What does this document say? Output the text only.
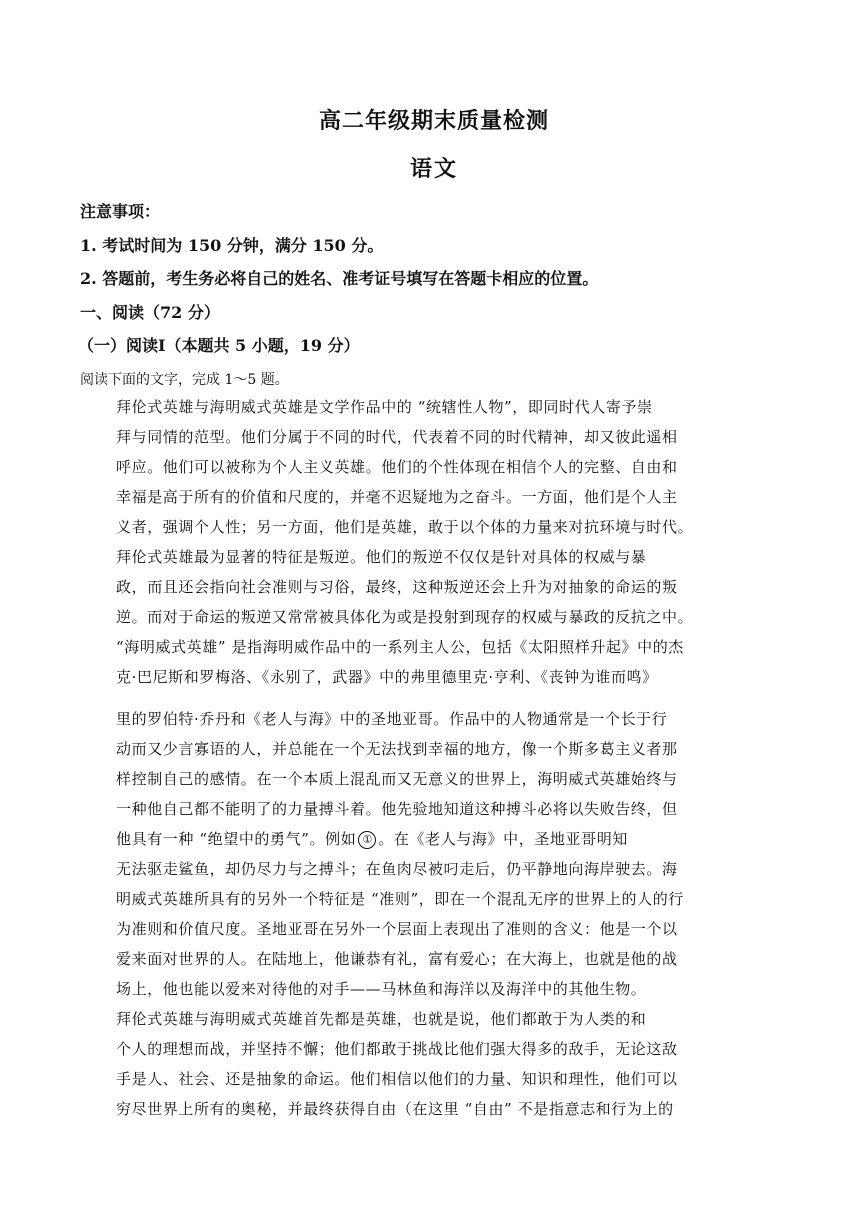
高二年级期末质量检测
语文
注意事项：
1. 考试时间为 150 分钟，满分 150 分。
2. 答题前，考生务必将自己的姓名、准考证号填写在答题卡相应的位置。
一、阅读（72 分）
（一）阅读Ⅰ（本题共 5 小题，19 分）
阅读下面的文字，完成 1～5 题。
拜伦式英雄与海明威式英雄是文学作品中的 “统辖性人物”，即同时代人寄予崇
拜与同情的范型。他们分属于不同的时代，代表着不同的时代精神，却又彼此遥相
呼应。他们可以被称为个人主义英雄。他们的个性体现在相信个人的完整、自由和
幸福是高于所有的价值和尺度的，并毫不迟疑地为之奋斗。一方面，他们是个人主
义者，强调个人性；另一方面，他们是英雄，敢于以个体的力量来对抗环境与时代。
拜伦式英雄最为显著的特征是叛逆。他们的叛逆不仅仅是针对具体的权威与暴
政，而且还会指向社会准则与习俗，最终，这种叛逆还会上升为对抽象的命运的叛
逆。而对于命运的叛逆又常常被具体化为或是投射到现存的权威与暴政的反抗之中。
“海明威式英雄” 是指海明威作品中的一系列主人公，包括《太阳照样升起》中的杰
克·巴尼斯和罗梅洛、《永别了，武器》中的弗里德里克·亨利、《丧钟为谁而鸣》
里的罗伯特·乔丹和《老人与海》中的圣地亚哥。作品中的人物通常是一个长于行
动而又少言寡语的人，并总能在一个无法找到幸福的地方，像一个斯多葛主义者那
样控制自己的感情。在一个本质上混乱而又无意义的世界上，海明威式英雄始终与
一种他自己都不能明了的力量搏斗着。他先验地知道这种搏斗必将以失败告终，但
他具有一种 “绝望中的勇气”。例如 ① 。在《老人与海》中，圣地亚哥明知
无法驱走鲨鱼，却仍尽力与之搏斗；在鱼肉尽被叼走后，仍平静地向海岸驶去。海
明威式英雄所具有的另外一个特征是 “准则”，即在一个混乱无序的世界上的人的行
为准则和价值尺度。圣地亚哥在另外一个层面上表现出了准则的含义：他是一个以
爱来面对世界的人。在陆地上，他谦恭有礼，富有爱心；在大海上，也就是他的战
场上，他也能以爱来对待他的对手——马林鱼和海洋以及海洋中的其他生物。
拜伦式英雄与海明威式英雄首先都是英雄，也就是说，他们都敢于为人类的和
个人的理想而战，并坚持不懈；他们都敢于挑战比他们强大得多的敌手，无论这敌
手是人、社会、还是抽象的命运。他们相信以他们的力量、知识和理性，他们可以
穷尽世界上所有的奥秘，并最终获得自由（在这里 “自由” 不是指意志和行为上的
